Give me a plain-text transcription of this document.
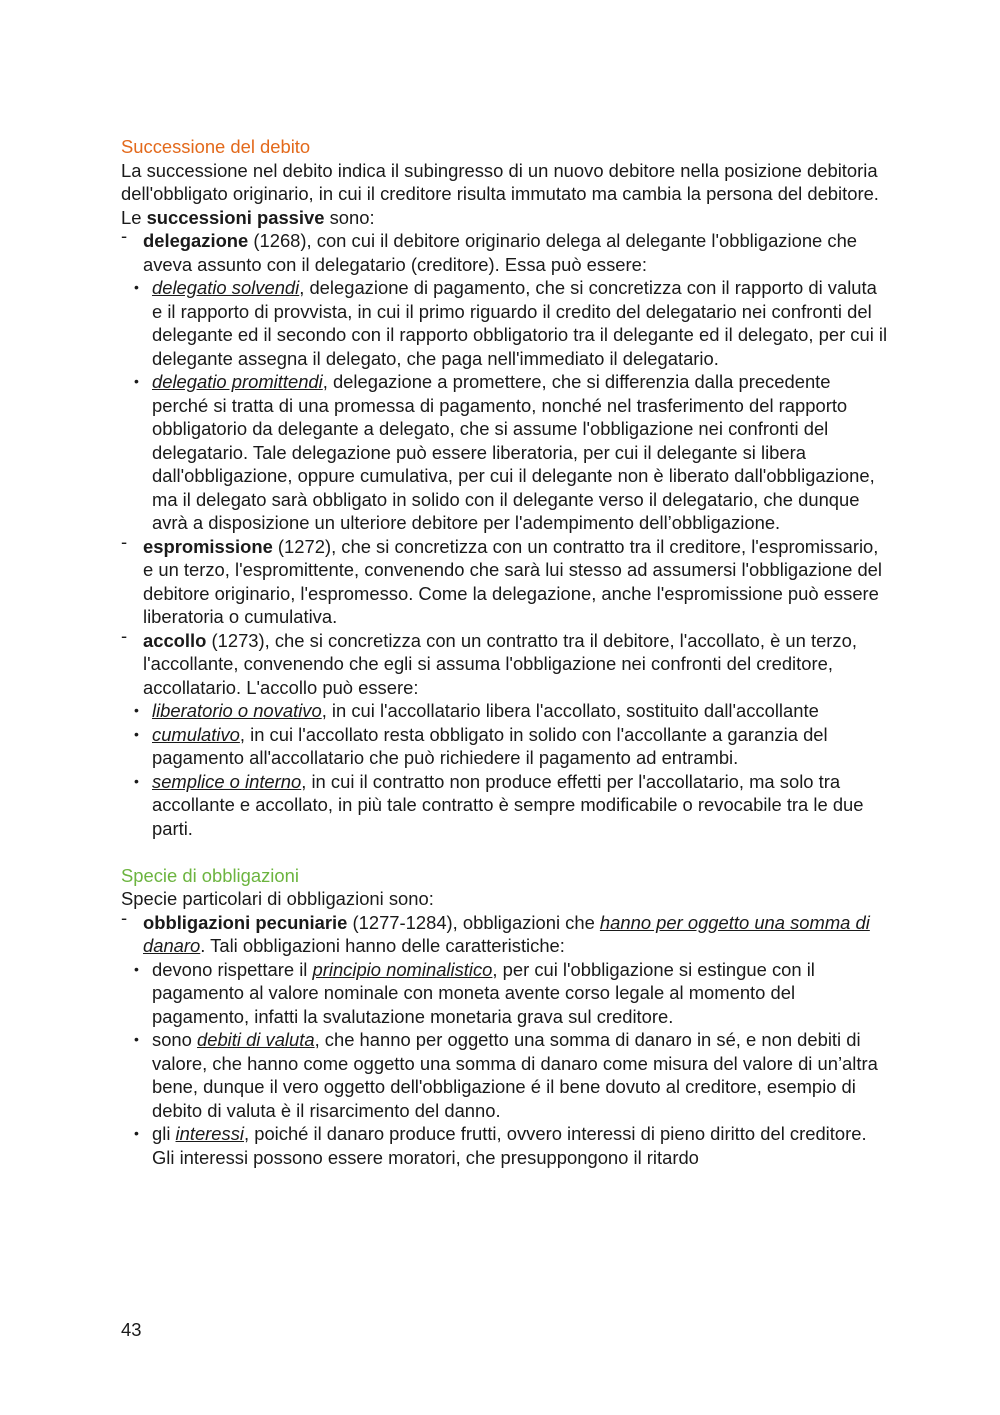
Successione del debito

La successione nel debito indica il subingresso di un nuovo debitore nella posizione debitoria dell'obbligato originario, in cui il creditore risulta immutato ma cambia la persona del debitore.

Le successioni passive sono:

- delegazione (1268), con cui il debitore originario delega al delegante l'obbligazione che aveva assunto con il delegatario (creditore). Essa può essere:
• delegatio solvendi, delegazione di pagamento, che si concretizza con il rapporto di valuta e il rapporto di provvista, in cui il primo riguardo il credito del delegatario nei confronti del delegante ed il secondo con il rapporto obbligatorio tra il delegante ed il delegato, per cui il delegante assegna il delegato, che paga nell'immediato il delegatario.
• delegatio promittendi, delegazione a promettere, che si differenzia dalla precedente perché si tratta di una promessa di pagamento, nonché nel trasferimento del rapporto obbligatorio da delegante a delegato, che si assume l'obbligazione nei confronti del delegatario. Tale delegazione può essere liberatoria, per cui il delegante si libera dall'obbligazione, oppure cumulativa, per cui il delegante non è liberato dall'obbligazione, ma il delegato sarà obbligato in solido con il delegante verso il delegatario, che dunque avrà a disposizione un ulteriore debitore per l'adempimento dell’obbligazione.
- espromissione (1272), che si concretizza con un contratto tra il creditore, l'espromissario, e un terzo, l'espromittente, convenendo che sarà lui stesso ad assumersi l'obbligazione del debitore originario, l'espromesso. Come la delegazione, anche l'espromissione può essere liberatoria o cumulativa.
- accollo (1273), che si concretizza con un contratto tra il debitore, l'accollato, è un terzo, l'accollante, convenendo che egli si assuma l'obbligazione nei confronti del creditore, accollatario. L'accollo può essere:
• liberatorio o novativo, in cui l'accollatario libera l'accollato, sostituito dall'accollante
• cumulativo, in cui l'accollato resta obbligato in solido con l'accollante a garanzia del pagamento all'accollatario che può richiedere il pagamento ad entrambi.
• semplice o interno, in cui il contratto non produce effetti per l'accollatario, ma solo tra accollante e accollato, in più tale contratto è sempre modificabile o revocabile tra le due parti.
Specie di obbligazioni

Specie particolari di obbligazioni sono:

- obbligazioni pecuniarie (1277-1284), obbligazioni che hanno per oggetto una somma di danaro. Tali obbligazioni hanno delle caratteristiche:
• devono rispettare il principio nominalistico, per cui l'obbligazione si estingue con il pagamento al valore nominale con moneta avente corso legale al momento del pagamento, infatti la svalutazione monetaria grava sul creditore.
• sono debiti di valuta, che hanno per oggetto una somma di danaro in sé, e non debiti di valore, che hanno come oggetto una somma di danaro come misura del valore di un’altra bene, dunque il vero oggetto dell'obbligazione é il bene dovuto al creditore, esempio di debito di valuta è il risarcimento del danno.
• gli interessi, poiché il danaro produce frutti, ovvero interessi di pieno diritto del creditore. Gli interessi possono essere moratori, che presuppongono il ritardo
43
